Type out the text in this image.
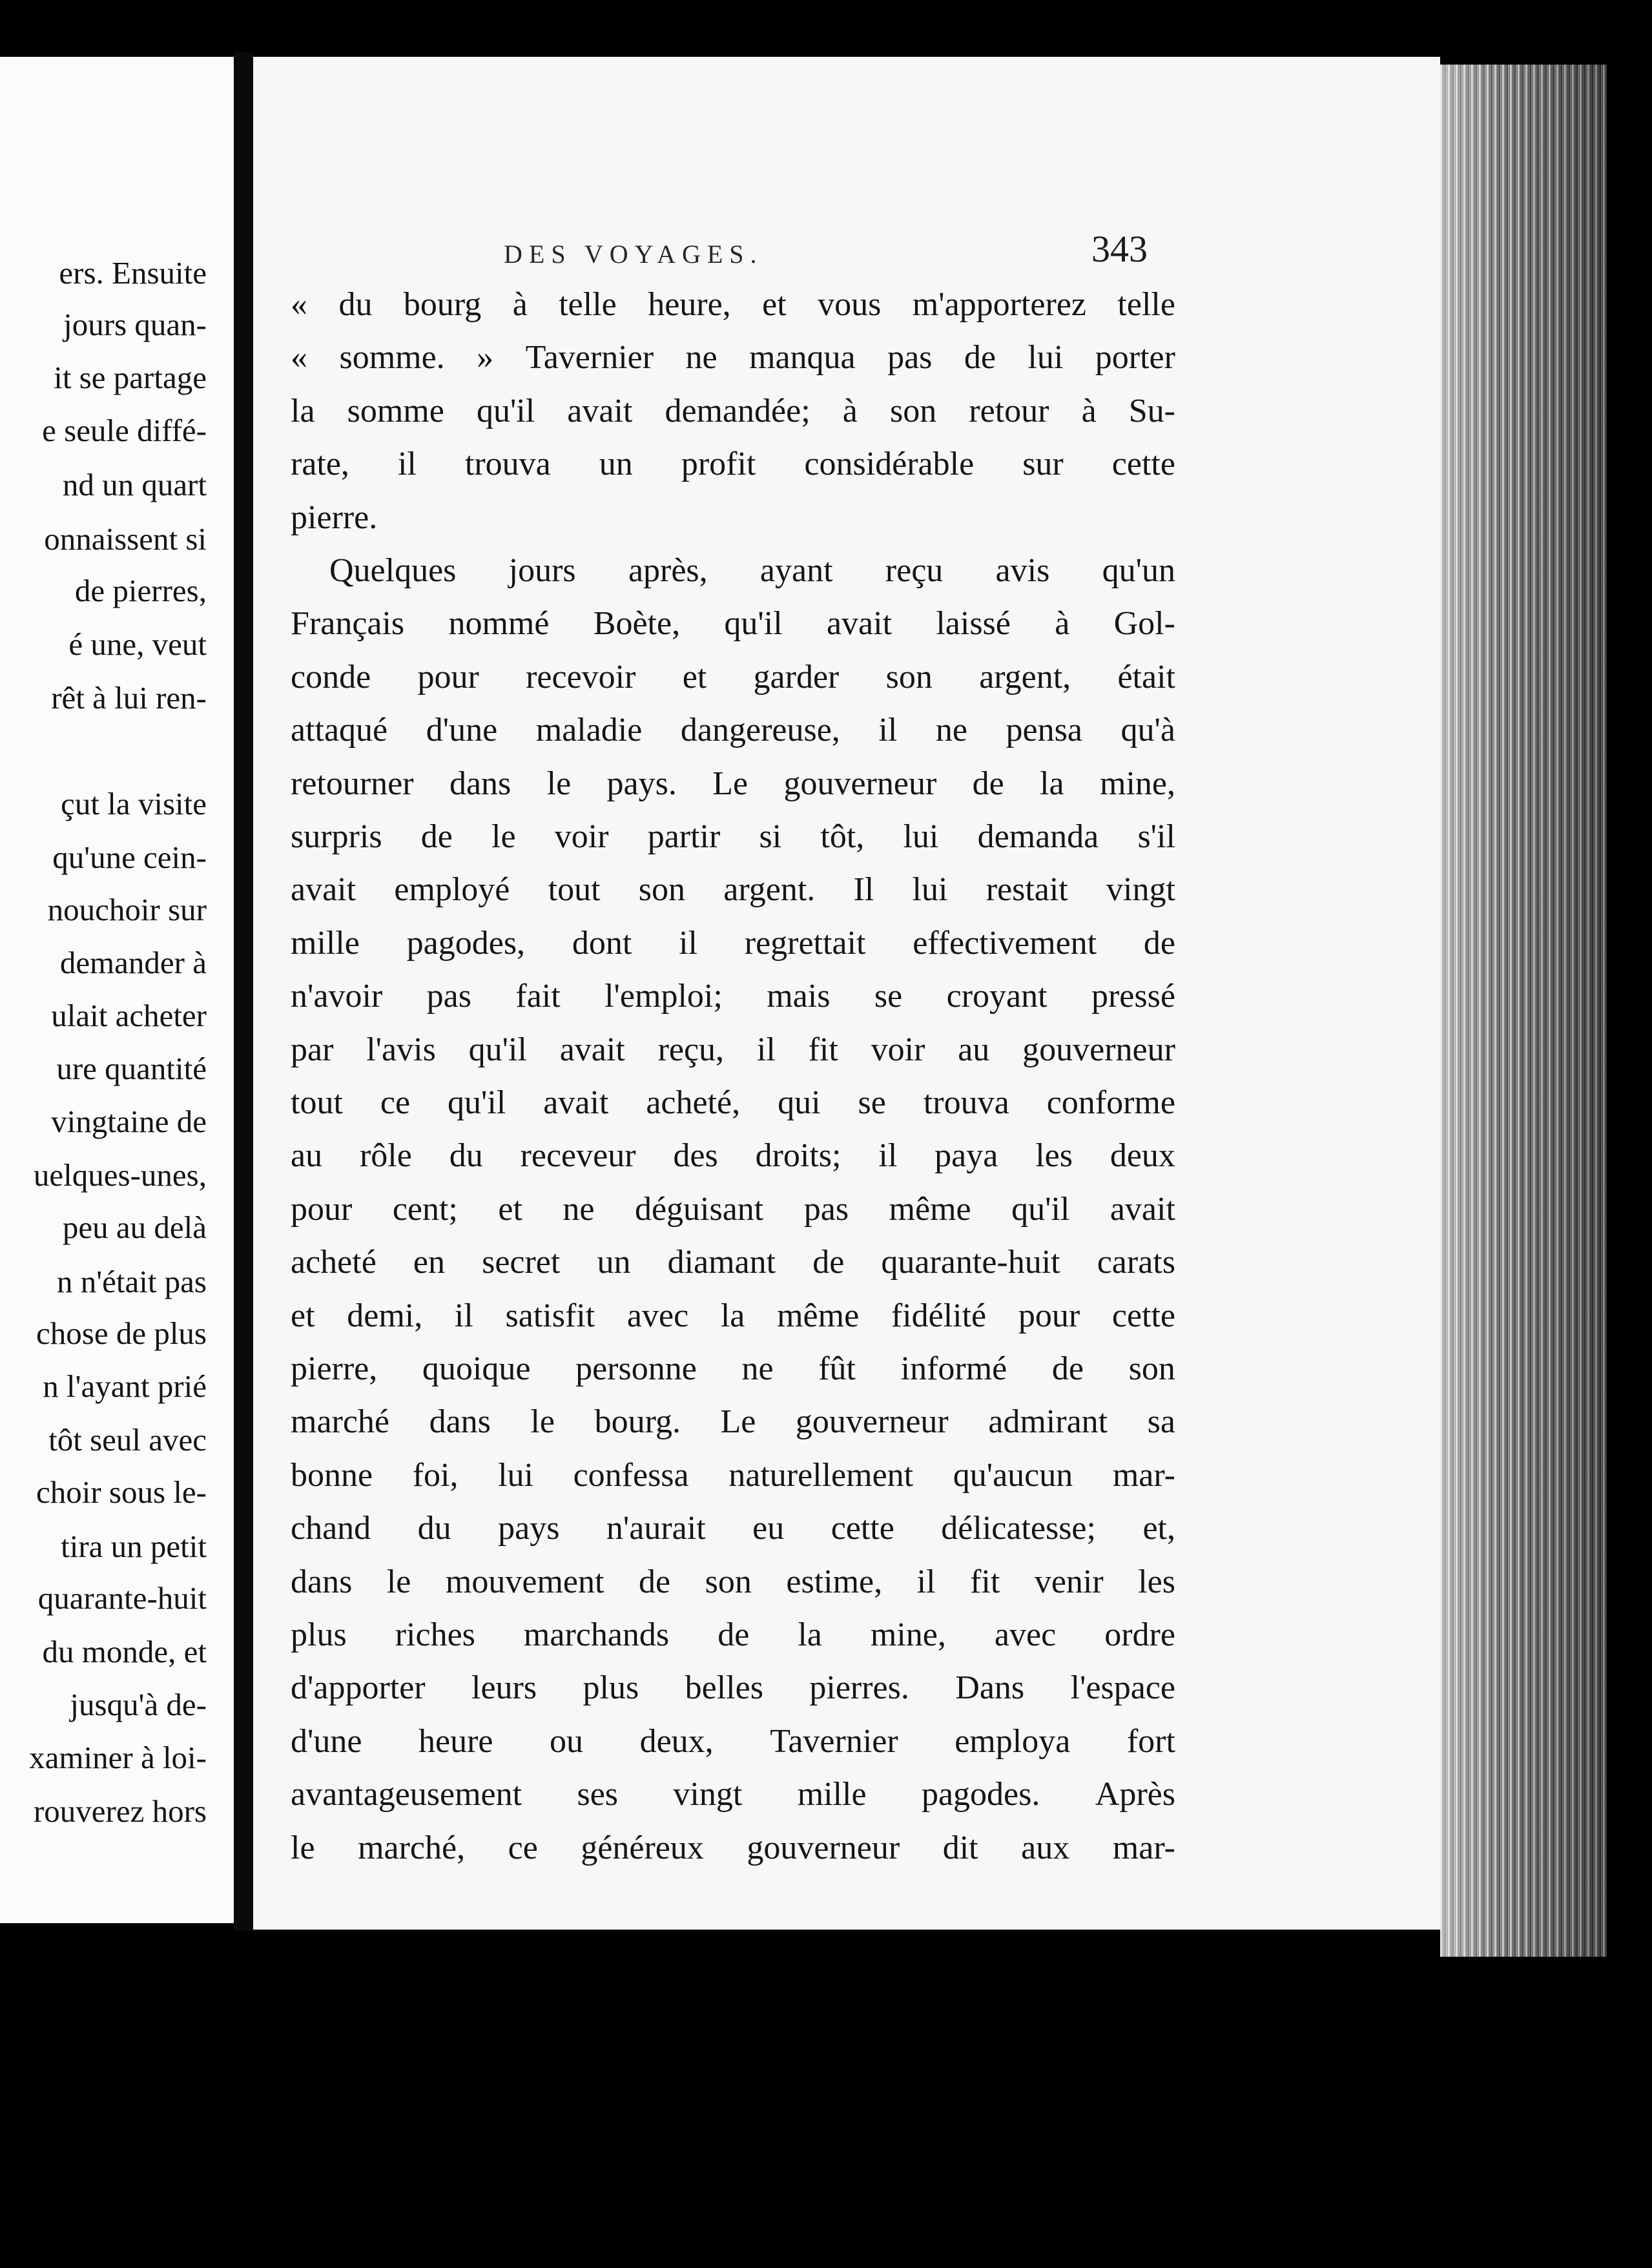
ers. Ensuite
jours quan-
it se partage
e seule diffé-
nd un quart
onnaissent si
de pierres,
é une, veut
rêt à lui ren-
çut la visite
qu'une cein-
nouchoir sur
demander à
ulait acheter
ure quantité
vingtaine de
uelques-unes,
peu au delà
n n'était pas
chose de plus
n l'ayant prié
tôt seul avec
choir sous le-
tira un petit
quarante-huit
du monde, et
jusqu'à de-
xaminer à loi-
rouverez hors
DES VOYAGES.	343
« du bourg à telle heure, et vous m'apporterez telle
« somme. » Tavernier ne manqua pas de lui porter
la somme qu'il avait demandée; à son retour à Su-
rate, il trouva un profit considérable sur cette
pierre.
Quelques jours après, ayant reçu avis qu'un
Français nommé Boète, qu'il avait laissé à Gol-
conde pour recevoir et garder son argent, était
attaqué d'une maladie dangereuse, il ne pensa qu'à
retourner dans le pays. Le gouverneur de la mine,
surpris de le voir partir si tôt, lui demanda s'il
avait employé tout son argent. Il lui restait vingt
mille pagodes, dont il regrettait effectivement de
n'avoir pas fait l'emploi; mais se croyant pressé
par l'avis qu'il avait reçu, il fit voir au gouverneur
tout ce qu'il avait acheté, qui se trouva conforme
au rôle du receveur des droits; il paya les deux
pour cent; et ne déguisant pas même qu'il avait
acheté en secret un diamant de quarante-huit carats
et demi, il satisfit avec la même fidélité pour cette
pierre, quoique personne ne fût informé de son
marché dans le bourg. Le gouverneur admirant sa
bonne foi, lui confessa naturellement qu'aucun mar-
chand du pays n'aurait eu cette délicatesse; et,
dans le mouvement de son estime, il fit venir les
plus riches marchands de la mine, avec ordre
d'apporter leurs plus belles pierres. Dans l'espace
d'une heure ou deux, Tavernier employa fort
avantageusement ses vingt mille pagodes. Après
le marché, ce généreux gouverneur dit aux mar-
